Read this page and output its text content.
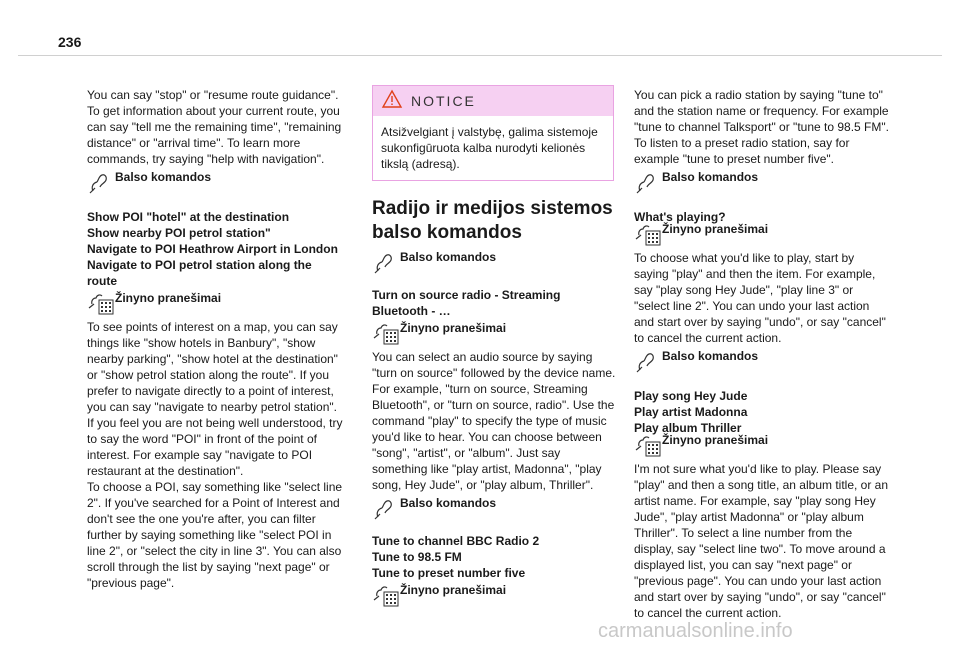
236

You can say "stop" or "resume route guidance". To get information about your current route, you can say "tell me the remaining time", "remaining distance" or "arrival time". To learn more commands, try saying "help with navigation".

Balso komandos

Show POI "hotel" at the destination

Show nearby POI petrol station"

Navigate to POI Heathrow Airport in London

Navigate to POI petrol station along the route

Žinyno pranešimai

To see points of interest on a map, you can say things like "show hotels in Banbury", "show nearby parking", "show hotel at the destination" or "show petrol station along the route". If you prefer to navigate directly to a point of interest, you can say "navigate to nearby petrol station". If you feel you are not being well understood, try to say the word "POI" in front of the point of interest. For example say "navigate to POI restaurant at the destination".

To choose a POI, say something like "select line 2". If you've searched for a Point of Interest and don't see the one you're after, you can filter further by saying something like "select POI in line 2", or "select the city in line 3". You can also scroll through the list by saying "next page" or "previous page".

NOTICE
Atsižvelgiant į valstybę, galima sistemoje sukonfigūruota kalba nurodyti kelionės tikslą (adresą).
Radijo ir medijos sistemos balso komandos
Balso komandos

Turn on source radio - Streaming Bluetooth - …

Žinyno pranešimai

You can select an audio source by saying "turn on source" followed by the device name. For example, "turn on source, Streaming Bluetooth", or "turn on source, radio". Use the command "play" to specify the type of music you'd like to hear. You can choose between "song", "artist", or "album". Just say something like "play artist, Madonna", "play song, Hey Jude", or "play album, Thriller".

Balso komandos

Tune to channel BBC Radio 2

Tune to 98.5 FM

Tune to preset number five

Žinyno pranešimai

You can pick a radio station by saying "tune to" and the station name or frequency. For example "tune to channel Talksport" or "tune to 98.5 FM". To listen to a preset radio station, say for example "tune to preset number five".

Balso komandos

What's playing?

Žinyno pranešimai

To choose what you'd like to play, start by saying "play" and then the item. For example, say "play song Hey Jude", "play line 3" or "select line 2". You can undo your last action and start over by saying "undo", or say "cancel" to cancel the current action.

Balso komandos

Play song Hey Jude

Play artist Madonna

Play album Thriller

Žinyno pranešimai

I'm not sure what you'd like to play. Please say "play" and then a song title, an album title, or an artist name. For example, say "play song Hey Jude", "play artist Madonna" or "play album Thriller". To select a line number from the display, say "select line two". To move around a displayed list, you can say "next page" or "previous page". You can undo your last action and start over by saying "undo", or say "cancel" to cancel the current action.

carmanualsonline.info
